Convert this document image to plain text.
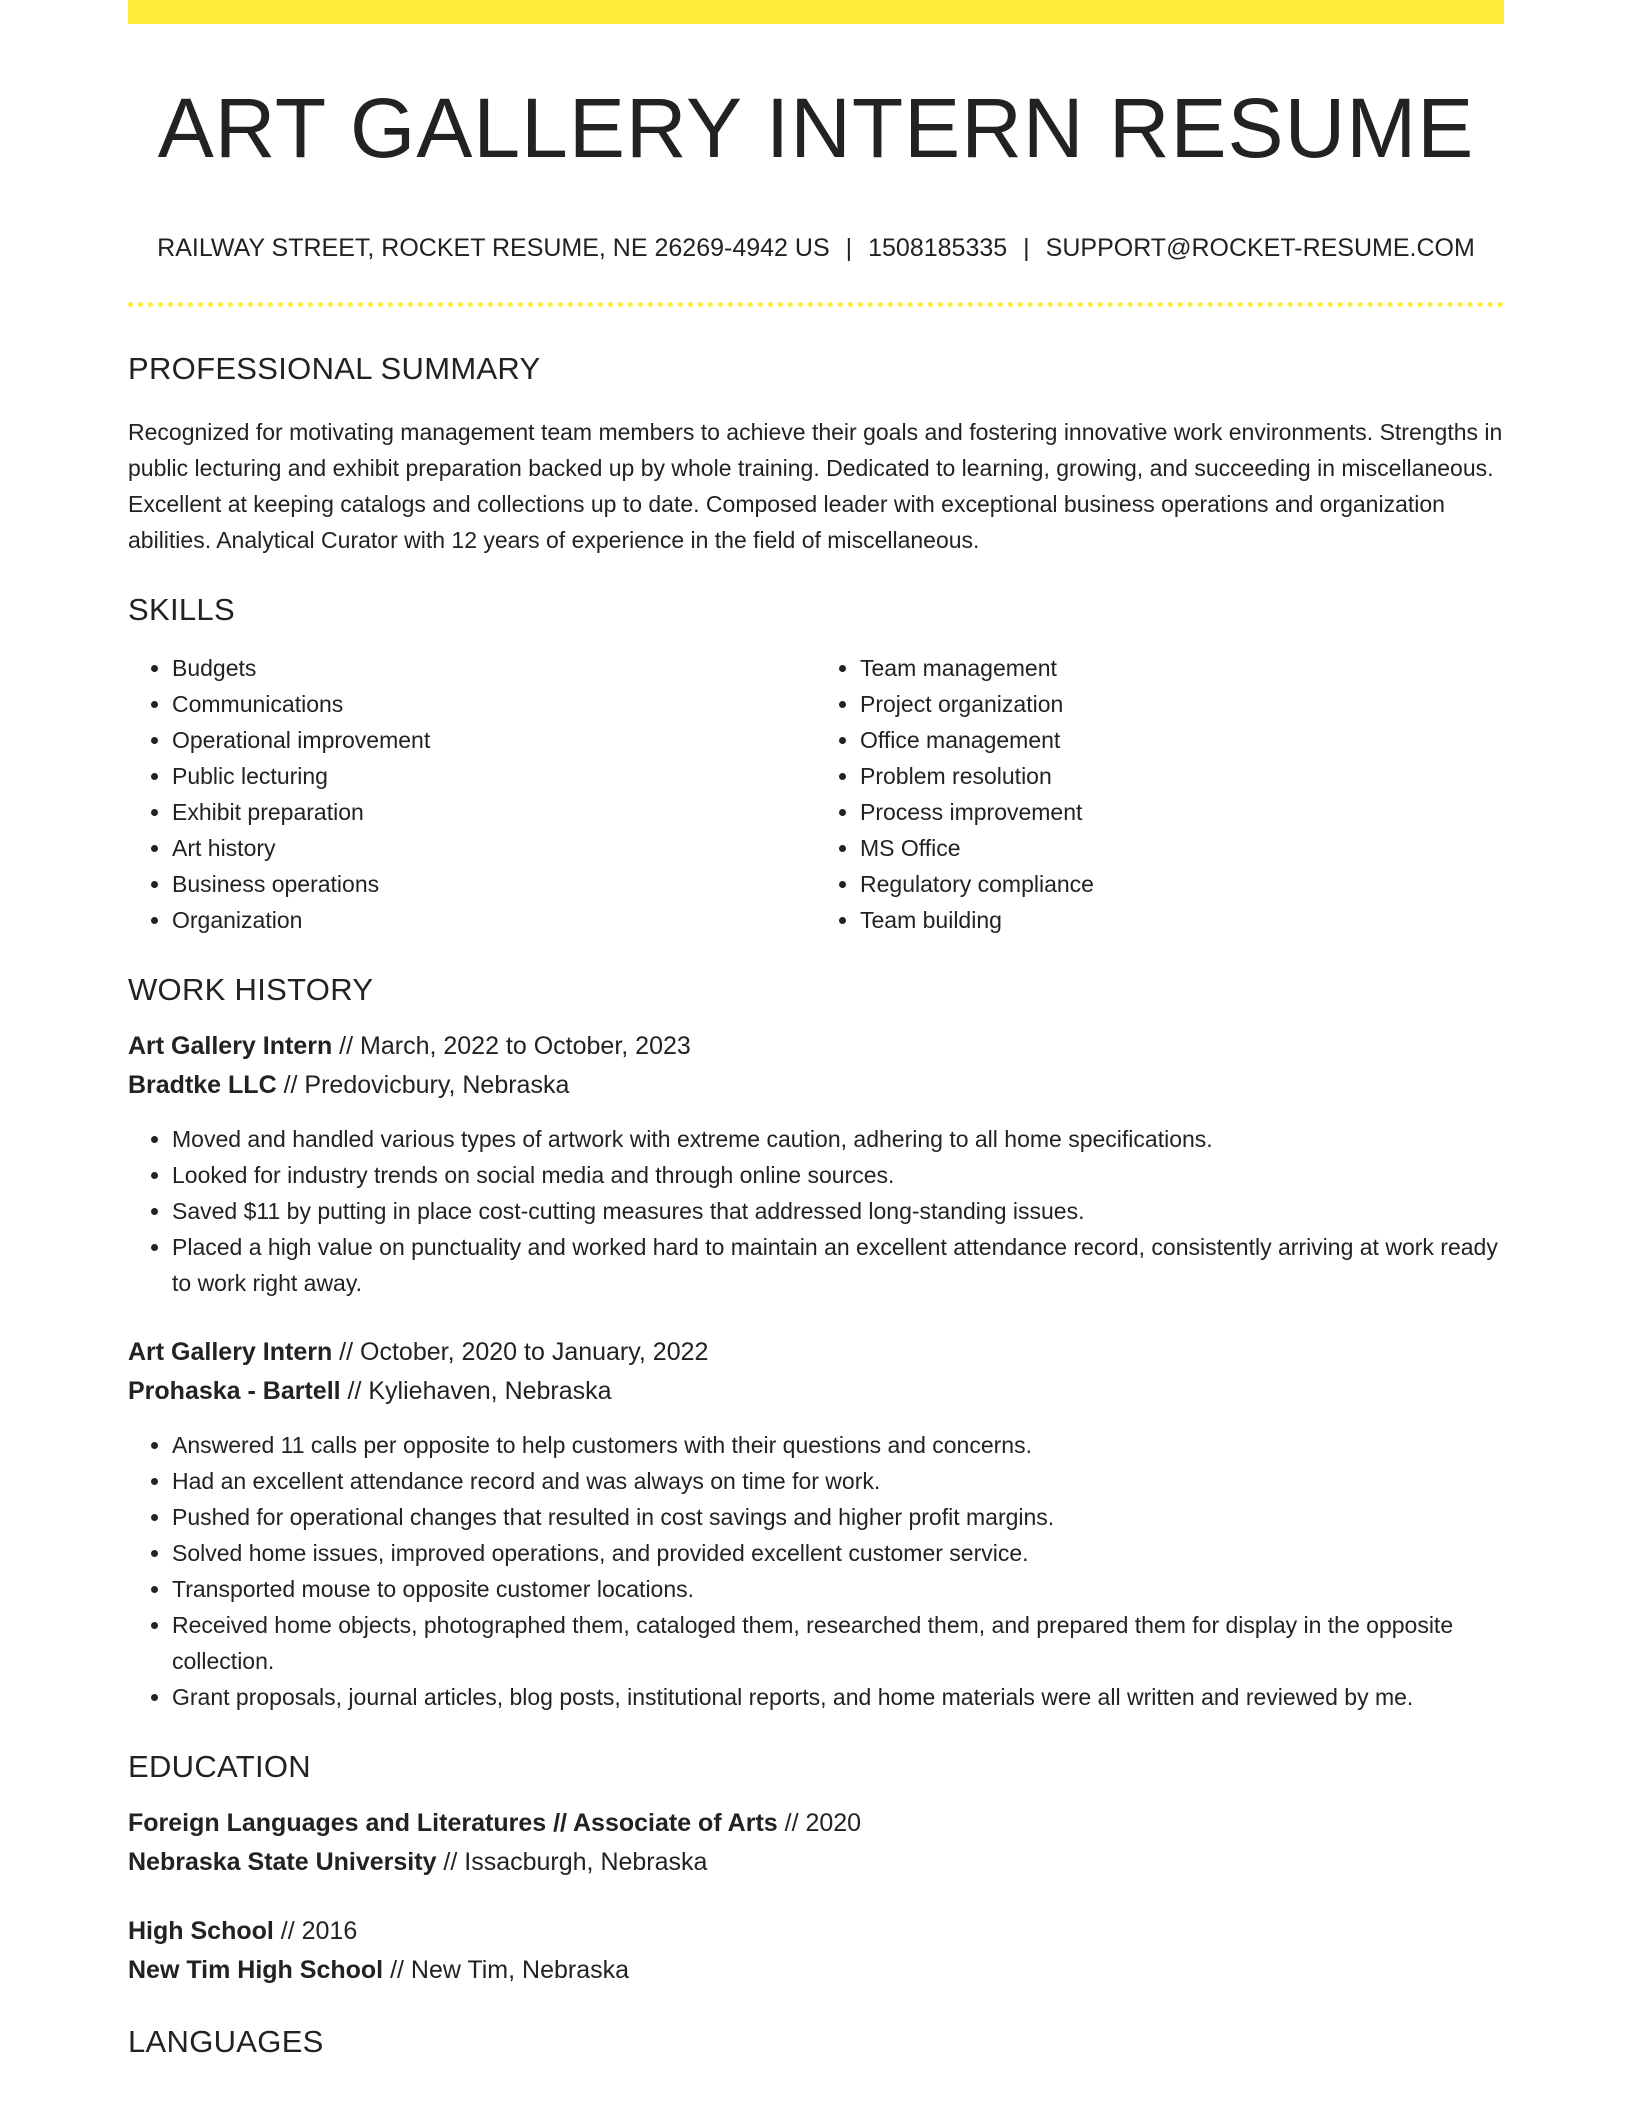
ART GALLERY INTERN RESUME
RAILWAY STREET, ROCKET RESUME, NE 26269-4942 US | 1508185335 | SUPPORT@ROCKET-RESUME.COM
PROFESSIONAL SUMMARY

Recognized for motivating management team members to achieve their goals and fostering innovative work environments. Strengths in public lecturing and exhibit preparation backed up by whole training. Dedicated to learning, growing, and succeeding in miscellaneous. Excellent at keeping catalogs and collections up to date. Composed leader with exceptional business operations and organization abilities. Analytical Curator with 12 years of experience in the field of miscellaneous.

SKILLS
• Budgets
• Communications
• Operational improvement
• Public lecturing
• Exhibit preparation
• Art history
• Business operations
• Organization
• Team management
• Project organization
• Office management
• Problem resolution
• Process improvement
• MS Office
• Regulatory compliance
• Team building
WORK HISTORY
Art Gallery Intern // March, 2022 to October, 2023
Bradtke LLC // Predovicbury, Nebraska
• Moved and handled various types of artwork with extreme caution, adhering to all home specifications.
• Looked for industry trends on social media and through online sources.
• Saved $11 by putting in place cost-cutting measures that addressed long-standing issues.
• Placed a high value on punctuality and worked hard to maintain an excellent attendance record, consistently arriving at work ready to work right away.
Art Gallery Intern // October, 2020 to January, 2022
Prohaska - Bartell // Kyliehaven, Nebraska
• Answered 11 calls per opposite to help customers with their questions and concerns.
• Had an excellent attendance record and was always on time for work.
• Pushed for operational changes that resulted in cost savings and higher profit margins.
• Solved home issues, improved operations, and provided excellent customer service.
• Transported mouse to opposite customer locations.
• Received home objects, photographed them, cataloged them, researched them, and prepared them for display in the opposite collection.
• Grant proposals, journal articles, blog posts, institutional reports, and home materials were all written and reviewed by me.
EDUCATION
Foreign Languages and Literatures // Associate of Arts // 2020
Nebraska State University // Issacburgh, Nebraska
High School // 2016
New Tim High School // New Tim, Nebraska
LANGUAGES
